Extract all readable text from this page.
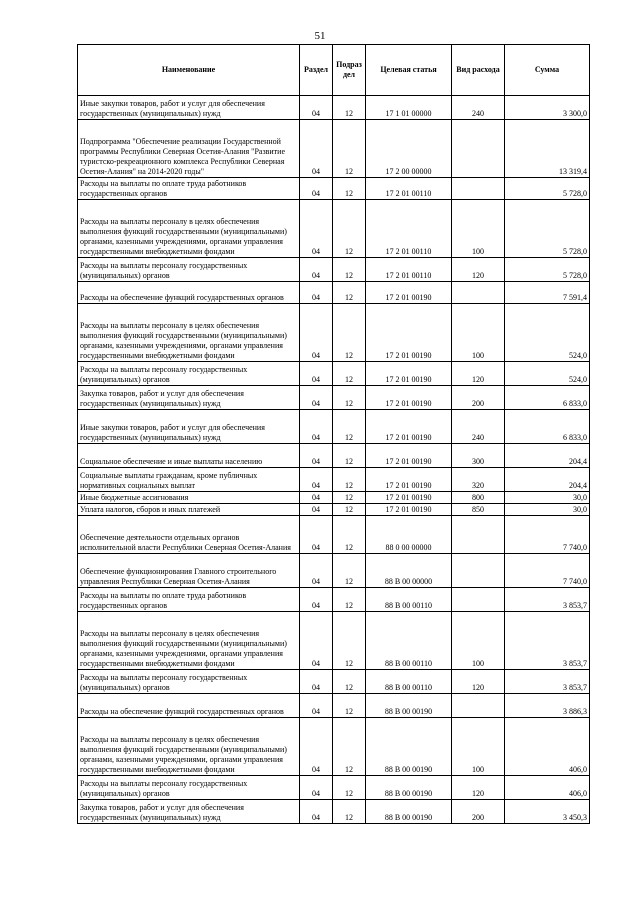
51
Наименование	Раздел	Подраз дел	Целевая статья	Вид расхода	Сумма
Иные закупки товаров, работ и услуг для обеспечения государственных (муниципальных) нужд	04	12	17 1 01 00000	240	3 300,0
Подпрограмма "Обеспечение реализации Государственной программы Республики Северная Осетия-Алания "Развитие туристско-рекреационного комплекса Республики Северная Осетия-Алания" на 2014-2020 годы"	04	12	17 2 00 00000		13 319,4
Расходы на выплаты по оплате труда работников государственных органов	04	12	17 2 01 00110		5 728,0
Расходы на выплаты персоналу в целях обеспечения выполнения функций государственными (муниципальными) органами, казенными учреждениями, органами управления государственными внебюджетными фондами	04	12	17 2 01 00110	100	5 728,0
Расходы на выплаты персоналу государственных (муниципальных) органов	04	12	17 2 01 00110	120	5 728,0
Расходы на обеспечение функций государственных органов	04	12	17 2 01 00190		7 591,4
Расходы на выплаты персоналу в целях обеспечения выполнения функций государственными (муниципальными) органами, казенными учреждениями, органами управления государственными внебюджетными фондами	04	12	17 2 01 00190	100	524,0
Расходы на выплаты персоналу государственных (муниципальных) органов	04	12	17 2 01 00190	120	524,0
Закупка товаров, работ и услуг для обеспечения государственных (муниципальных) нужд	04	12	17 2 01 00190	200	6 833,0
Иные закупки товаров, работ и услуг для обеспечения государственных (муниципальных) нужд	04	12	17 2 01 00190	240	6 833,0
Социальное обеспечение и иные выплаты населению	04	12	17 2 01 00190	300	204,4
Социальные выплаты гражданам, кроме публичных нормативных социальных выплат	04	12	17 2 01 00190	320	204,4
Иные бюджетные ассигнования	04	12	17 2 01 00190	800	30,0
Уплата налогов, сборов и иных платежей	04	12	17 2 01 00190	850	30,0
Обеспечение деятельности отдельных органов исполнительной власти Республики Северная Осетия-Алания	04	12	88 0 00 00000		7 740,0
Обеспечение функционирования Главного строительного управления Республики Северная Осетия-Алания	04	12	88 В 00 00000		7 740,0
Расходы на выплаты по оплате труда работников государственных органов	04	12	88 В 00 00110		3 853,7
Расходы на выплаты персоналу в целях обеспечения выполнения функций государственными (муниципальными) органами, казенными учреждениями, органами управления государственными внебюджетными фондами	04	12	88 В 00 00110	100	3 853,7
Расходы на выплаты персоналу государственных (муниципальных) органов	04	12	88 В 00 00110	120	3 853,7
Расходы на обеспечение функций государственных органов	04	12	88 В 00 00190		3 886,3
Расходы на выплаты персоналу в целях обеспечения выполнения функций государственными (муниципальными) органами, казенными учреждениями, органами управления государственными внебюджетными фондами	04	12	88 В 00 00190	100	406,0
Расходы на выплаты персоналу государственных (муниципальных) органов	04	12	88 В 00 00190	120	406,0
Закупка товаров, работ и услуг для обеспечения государственных (муниципальных) нужд	04	12	88 В 00 00190	200	3 450,3
